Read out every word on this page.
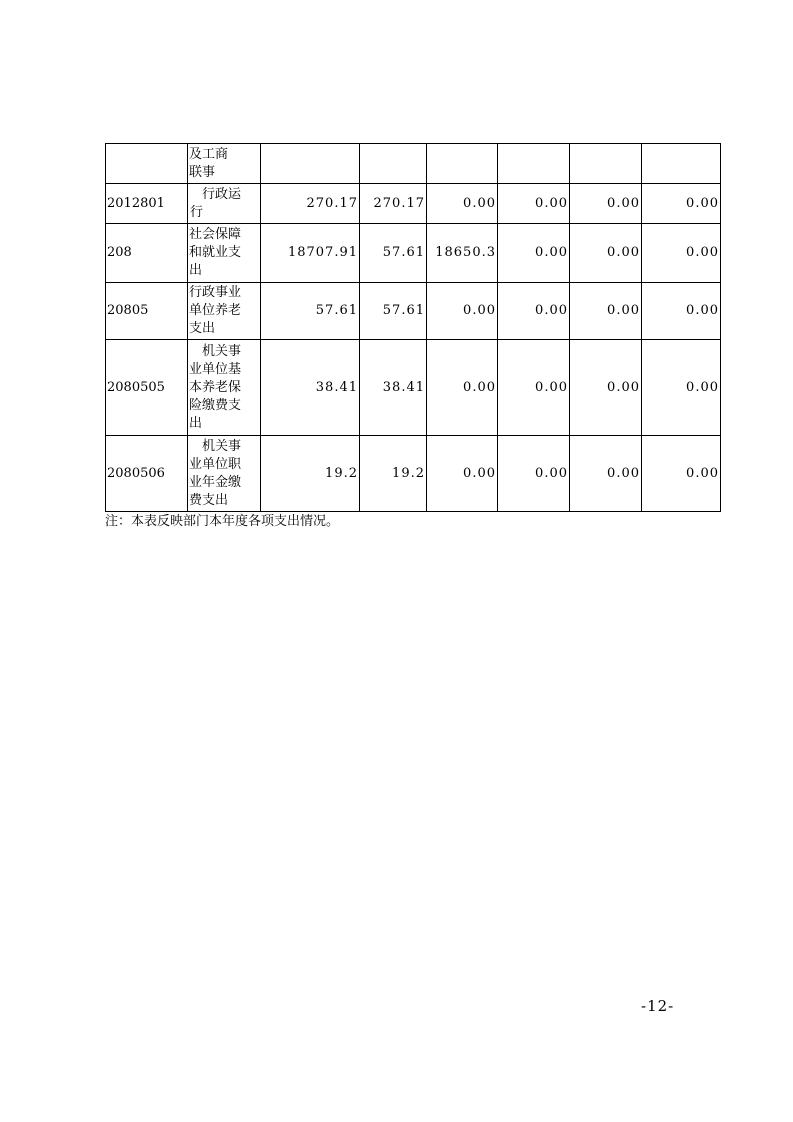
	及工商
联事						

2012801	行政运
行	270.17	270.17	0.00	0.00	0.00	0.00
208	社会保障
和就业支
出	18707.91	57.61	18650.3	0.00	0.00	0.00
20805	行政事业
单位养老
支出	57.61	57.61	0.00	0.00	0.00	0.00
2080505	机关事
业单位基
本养老保
险缴费支
出	38.41	38.41	0.00	0.00	0.00	0.00
2080506	机关事
业单位职
业年金缴
费支出	19.2	19.2	0.00	0.00	0.00	0.00
注：本表反映部门本年度各项支出情况。
-12-
